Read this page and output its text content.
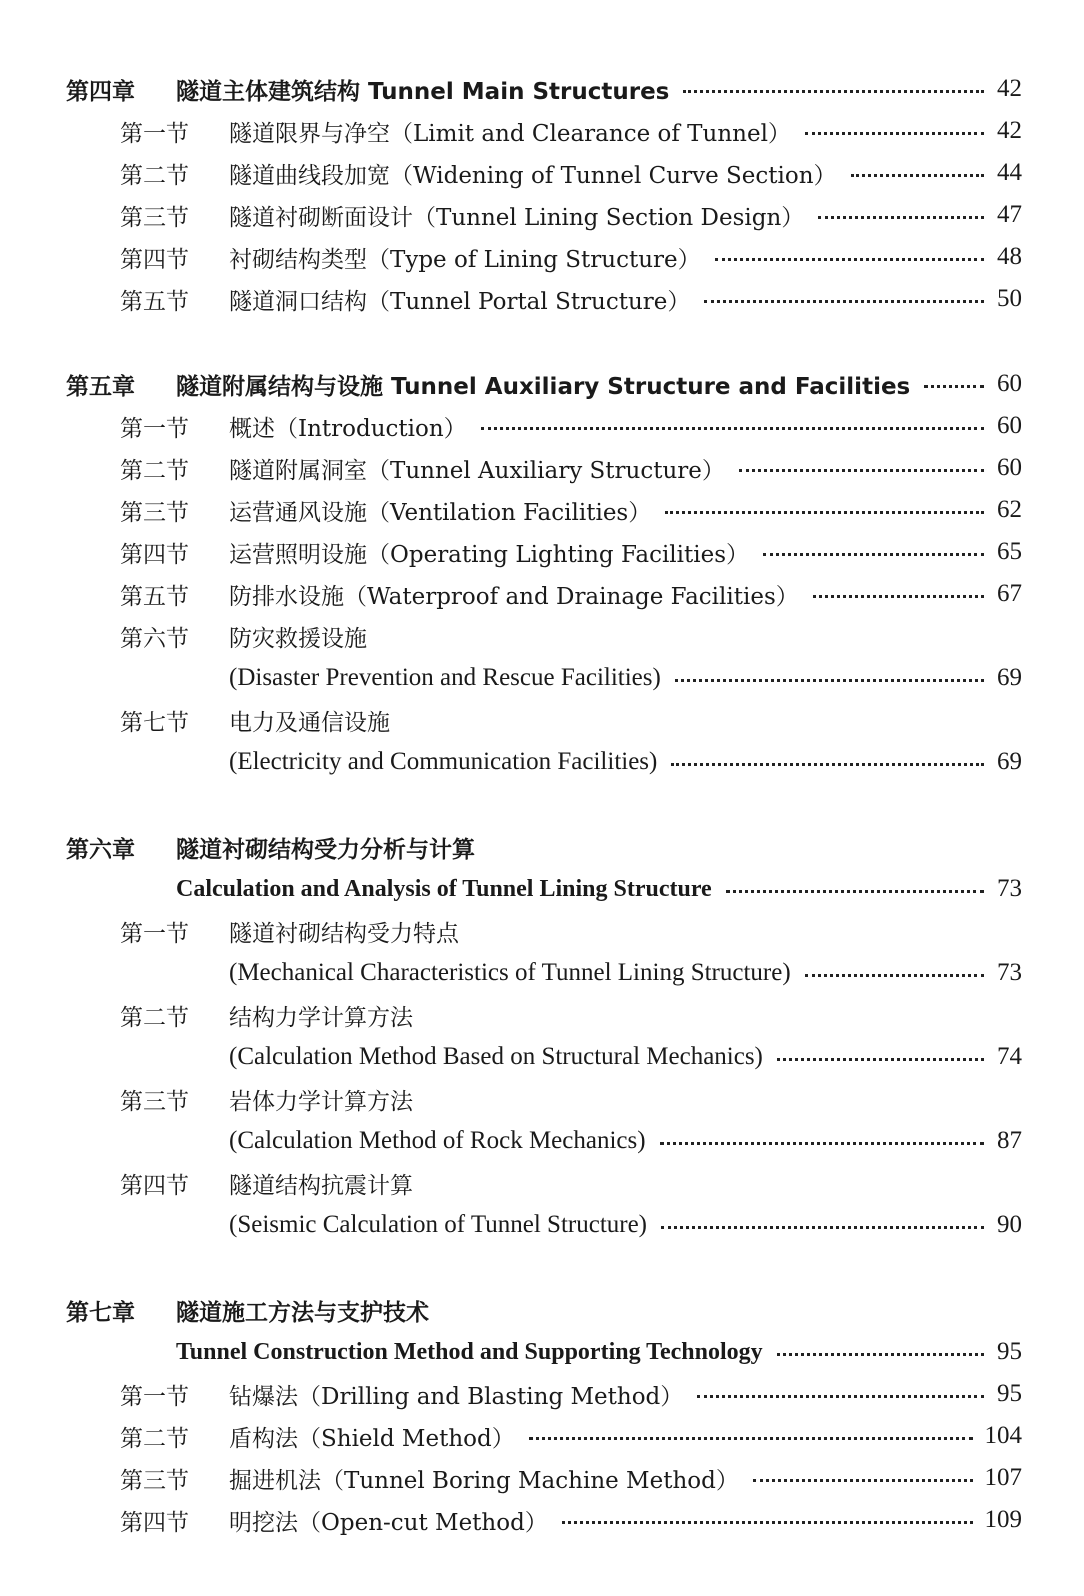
第四章 隧道主体建筑结构 Tunnel Main Structures	42
第一节 隧道限界与净空（Limit and Clearance of Tunnel）	42
第二节 隧道曲线段加宽（Widening of Tunnel Curve Section）	44
第三节 隧道衬砌断面设计（Tunnel Lining Section Design）	47
第四节 衬砌结构类型（Type of Lining Structure）	48
第五节 隧道洞口结构（Tunnel Portal Structure）	50
第五章 隧道附属结构与设施 Tunnel Auxiliary Structure and Facilities	60
第一节 概述（Introduction）	60
第二节 隧道附属洞室（Tunnel Auxiliary Structure）	60
第三节 运营通风设施（Ventilation Facilities）	62
第四节 运营照明设施（Operating Lighting Facilities）	65
第五节 防排水设施（Waterproof and Drainage Facilities）	67
第六节 防灾救援设施
(Disaster Prevention and Rescue Facilities)	69
第七节 电力及通信设施
(Electricity and Communication Facilities)	69
第六章 隧道衬砌结构受力分析与计算
Calculation and Analysis of Tunnel Lining Structure	73
第一节 隧道衬砌结构受力特点
(Mechanical Characteristics of Tunnel Lining Structure)	73
第二节 结构力学计算方法
(Calculation Method Based on Structural Mechanics)	74
第三节 岩体力学计算方法
(Calculation Method of Rock Mechanics)	87
第四节 隧道结构抗震计算
(Seismic Calculation of Tunnel Structure)	90
第七章 隧道施工方法与支护技术
Tunnel Construction Method and Supporting Technology	95
第一节 钻爆法（Drilling and Blasting Method）	95
第二节 盾构法（Shield Method）	104
第三节 掘进机法（Tunnel Boring Machine Method）	107
第四节 明挖法（Open-cut Method）	109
